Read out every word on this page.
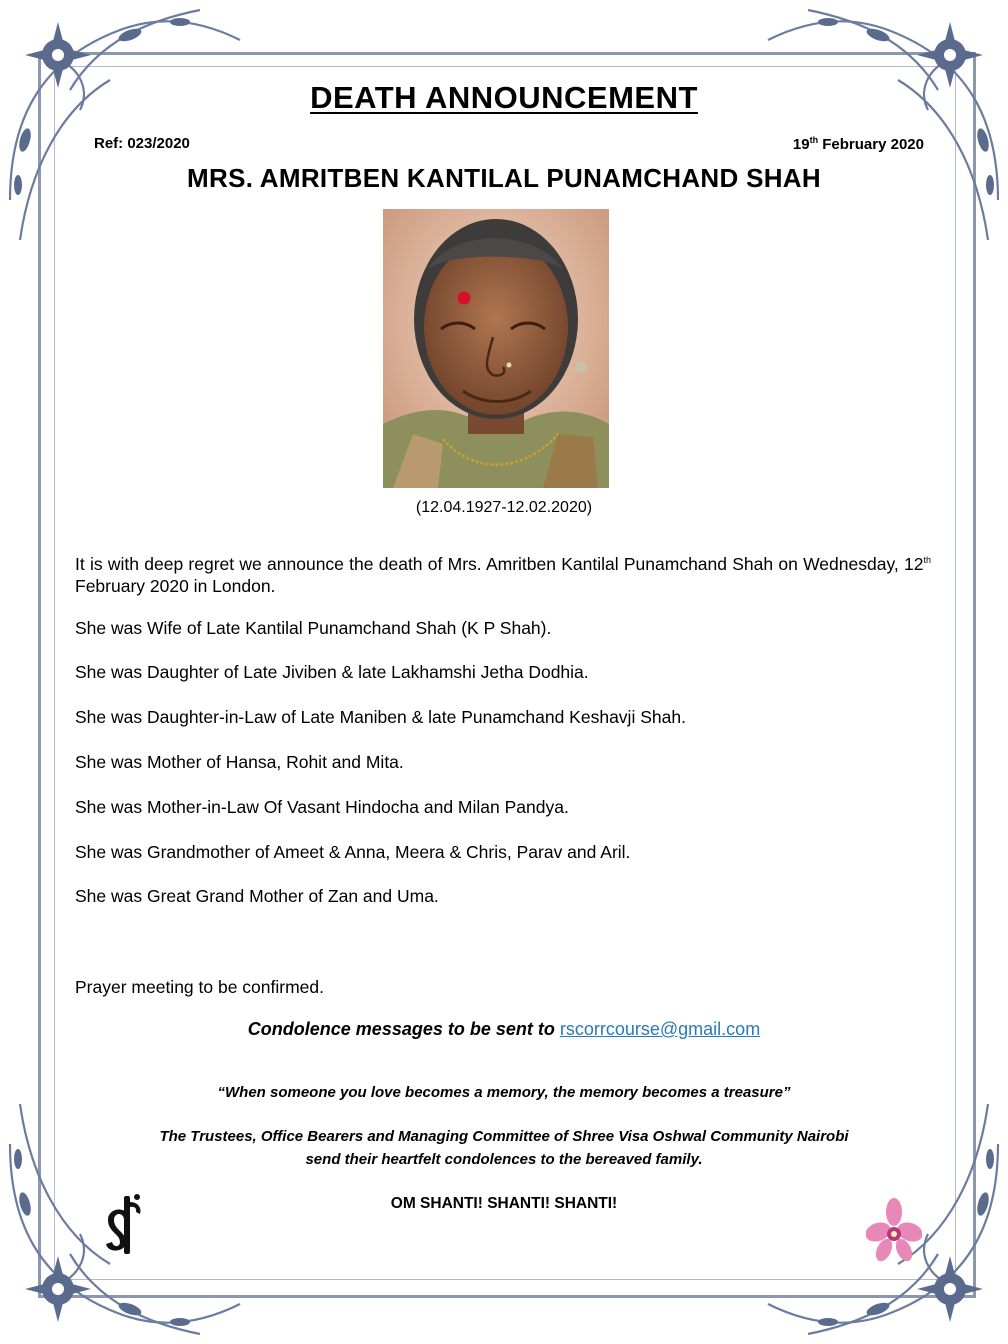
DEATH ANNOUNCEMENT
Ref: 023/2020	19th February 2020
MRS. AMRITBEN KANTILAL PUNAMCHAND SHAH
(12.04.1927-12.02.2020)
It is with deep regret we announce the death of Mrs. Amritben Kantilal Punamchand Shah on Wednesday, 12th February 2020 in London.
She was Wife of Late Kantilal Punamchand Shah (K P Shah).
She was Daughter of Late Jiviben & late Lakhamshi Jetha Dodhia.
She was Daughter-in-Law of Late Maniben & late Punamchand Keshavji Shah.
She was Mother of Hansa, Rohit and Mita.
She was Mother-in-Law Of Vasant Hindocha and Milan Pandya.
She was Grandmother of Ameet & Anna, Meera & Chris, Parav and Aril.
She was Great Grand Mother of Zan and Uma.
Prayer meeting to be confirmed.
Condolence messages to be sent to rscorrcourse@gmail.com
“When someone you love becomes a memory, the memory becomes a treasure”
The Trustees, Office Bearers and Managing Committee of Shree Visa Oshwal Community Nairobi
send their heartfelt condolences to the bereaved family.
OM SHANTI! SHANTI! SHANTI!
